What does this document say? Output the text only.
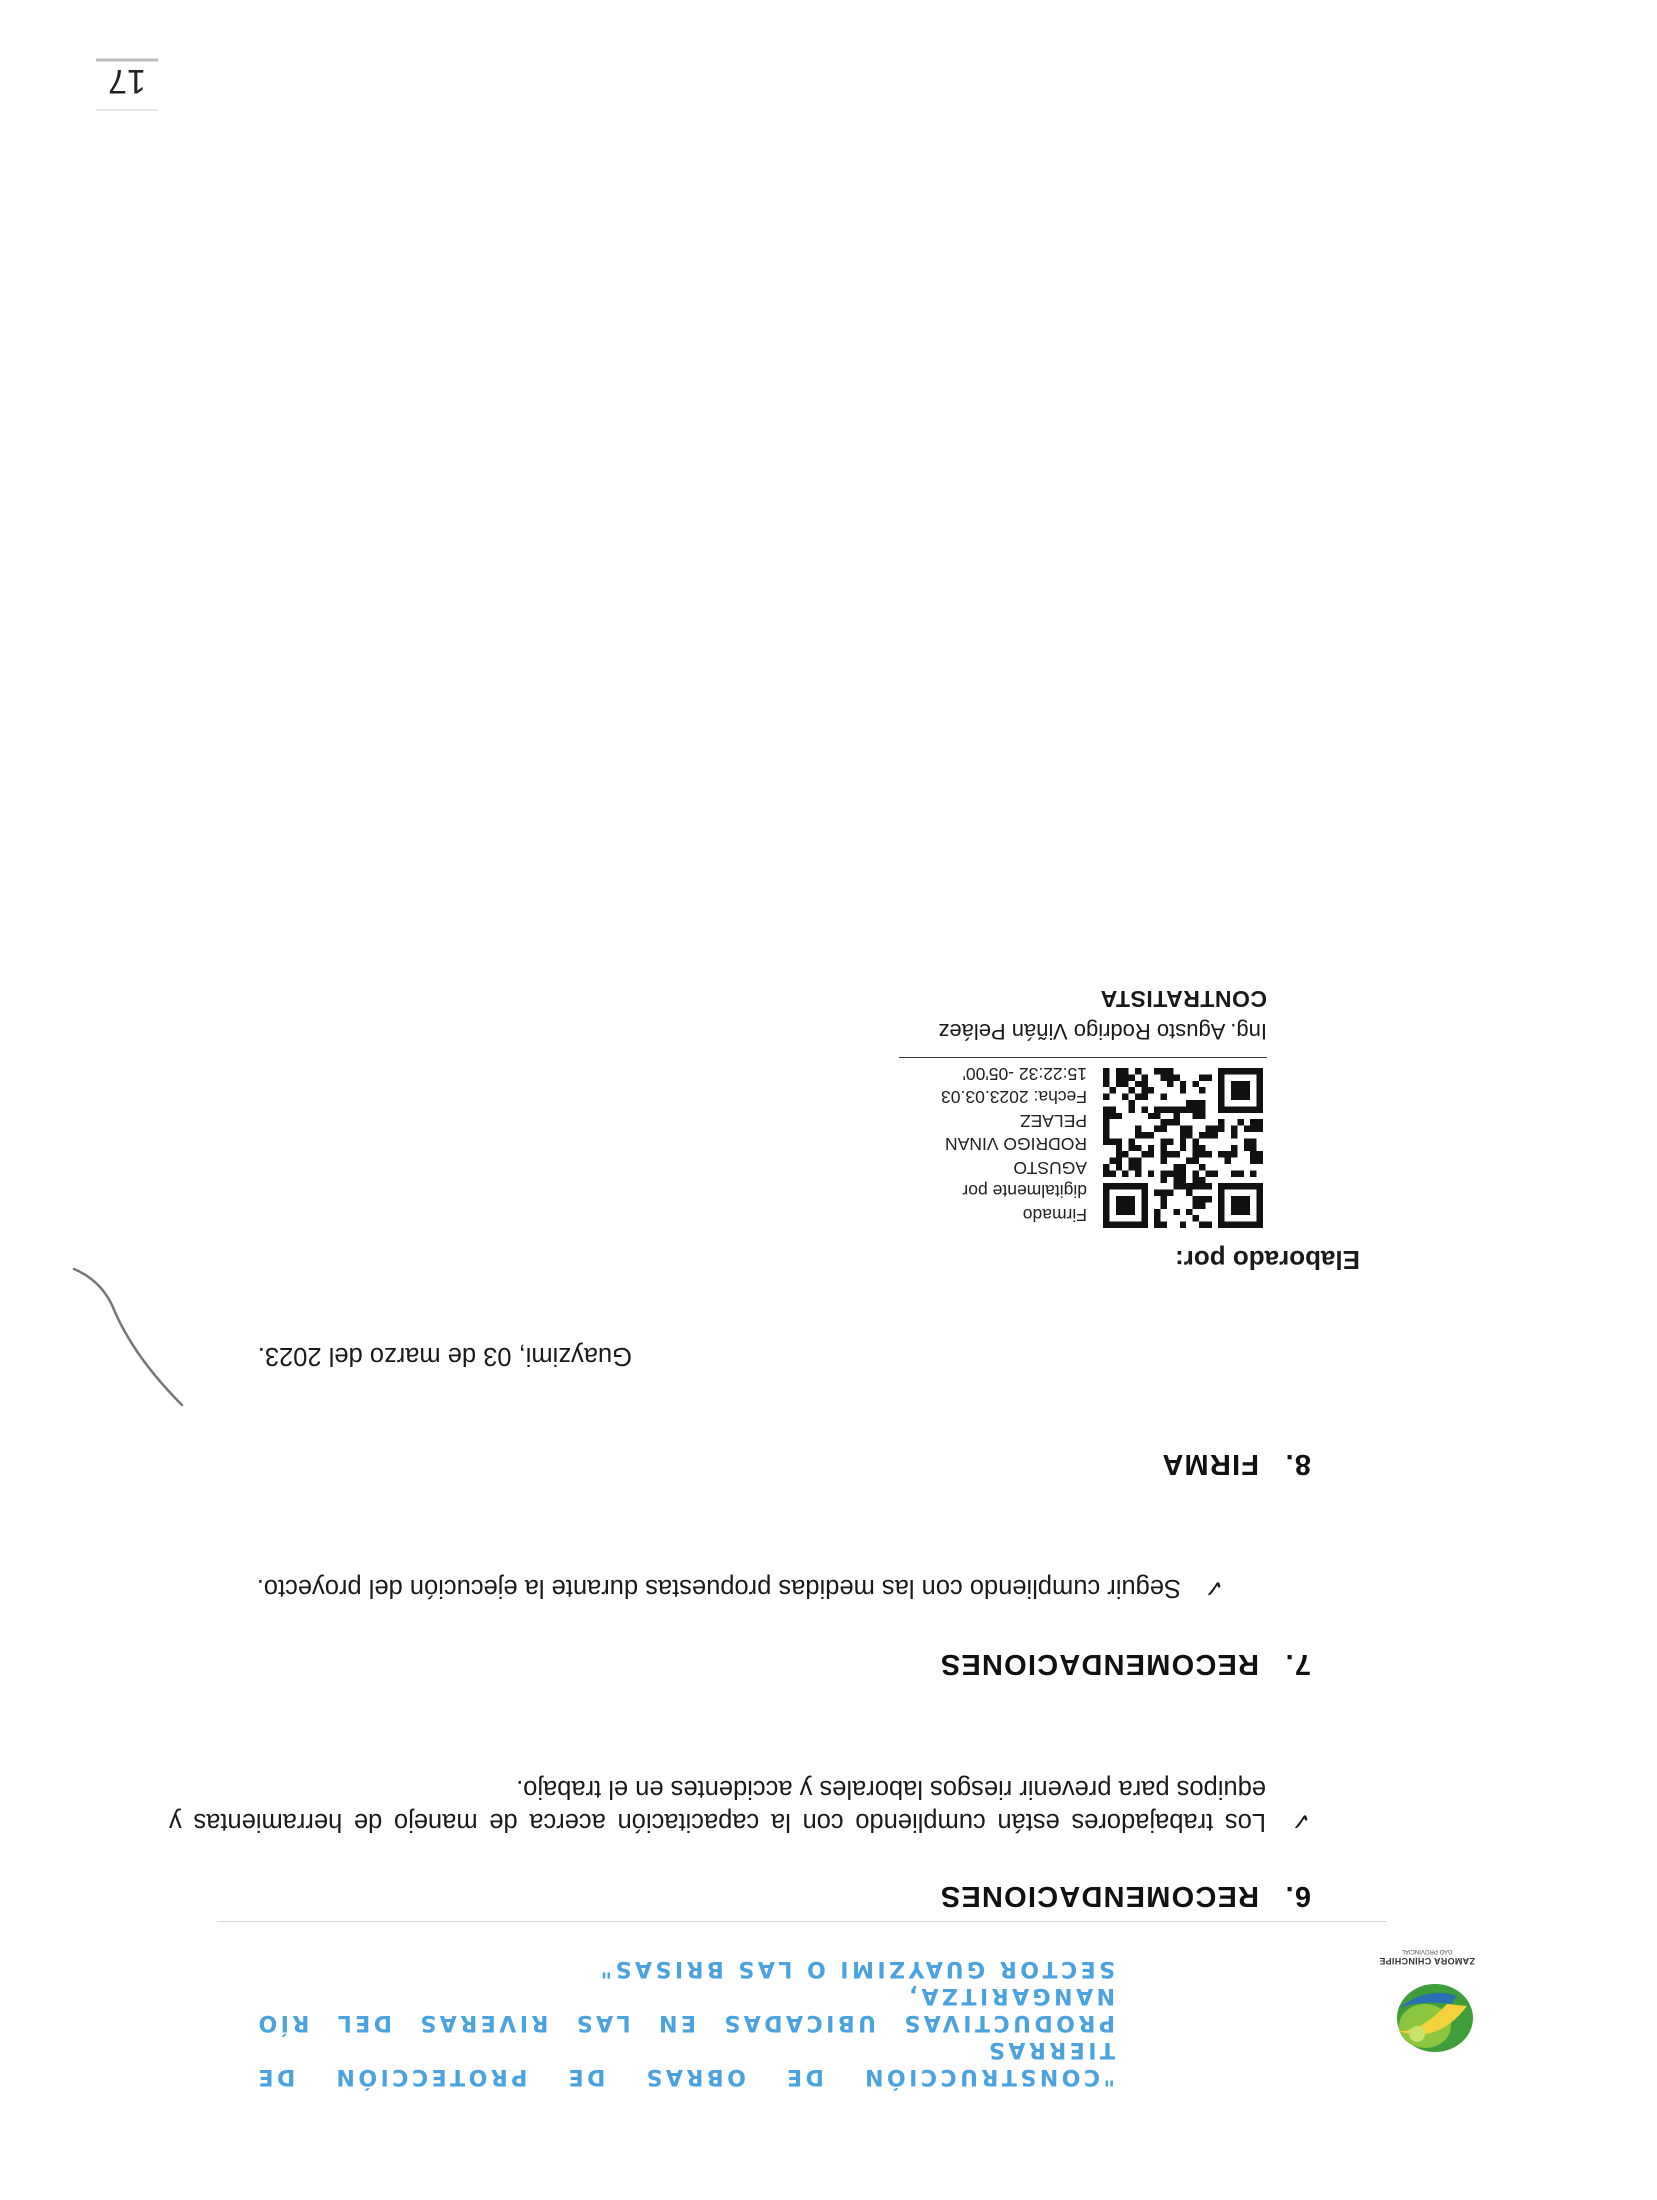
ZAMORA CHINCHIPE
GAD PROVINCIAL
"CONSTRUCCIÓN DE OBRAS DE PROTECCIÓN DE TIERRAS
PRODUCTIVAS UBICADAS EN LAS RIVERAS DEL RÍO NANGARITZA,
SECTOR GUAYZIMI O LAS BRISAS"
6.RECOMENDACIONES
✓
Los trabajadores están cumpliendo con la capacitación acerca de manejo de herramientas y equipos para prevenir riesgos laborales y accidentes en el trabajo.
7.RECOMENDACIONES
✓
Seguir cumpliendo con las medidas propuestas durante la ejecución del proyecto.
8.FIRMA
Guayzimi, 03 de marzo del 2023.
Elaborado por:
Firmado
digitalmente por
AGUSTO
RODRIGO VINAN
PELAEZ
Fecha: 2023.03.03
15:22:32 -05'00'
Ing. Agusto Rodrigo Viñán Peláez
CONTRATISTA
17
